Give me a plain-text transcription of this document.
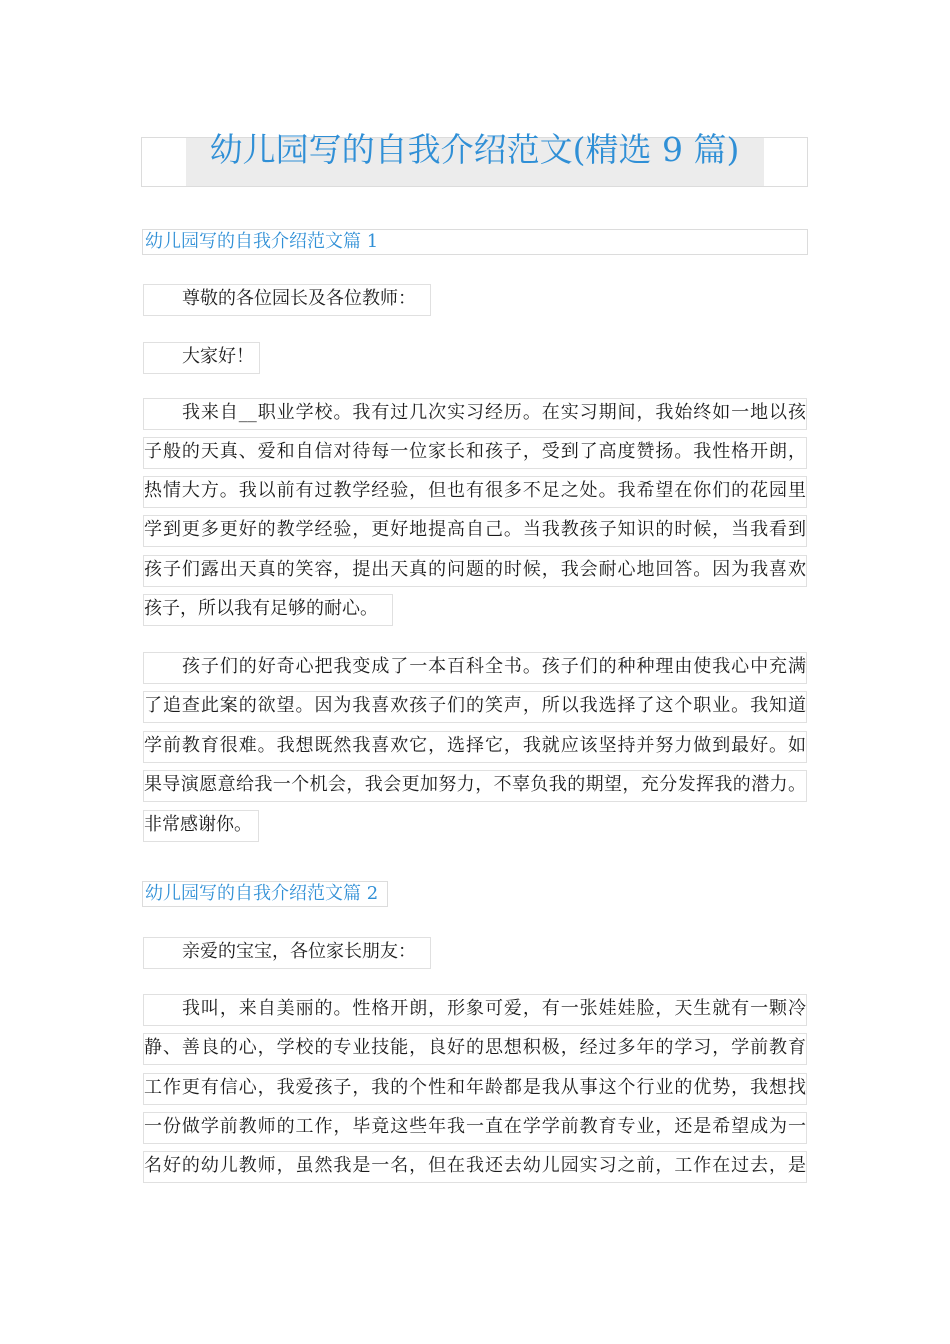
幼儿园写的自我介绍范文(精选 9 篇)
幼儿园写的自我介绍范文篇 1
尊敬的各位园长及各位教师：
大家好！
我来自__职业学校。我有过几次实习经历。在实习期间，我始终如一地以孩
子般的天真、爱和自信对待每一位家长和孩子，受到了高度赞扬。我性格开朗，
热情大方。我以前有过教学经验，但也有很多不足之处。我希望在你们的花园里
学到更多更好的教学经验，更好地提高自己。当我教孩子知识的时候，当我看到
孩子们露出天真的笑容，提出天真的问题的时候，我会耐心地回答。因为我喜欢
孩子，所以我有足够的耐心。
孩子们的好奇心把我变成了一本百科全书。孩子们的种种理由使我心中充满
了追查此案的欲望。因为我喜欢孩子们的笑声，所以我选择了这个职业。我知道
学前教育很难。我想既然我喜欢它，选择它，我就应该坚持并努力做到最好。如
果导演愿意给我一个机会，我会更加努力，不辜负我的期望，充分发挥我的潜力。
非常感谢你。
幼儿园写的自我介绍范文篇 2
亲爱的宝宝，各位家长朋友：
我叫，来自美丽的。性格开朗，形象可爱，有一张娃娃脸，天生就有一颗冷
静、善良的心，学校的专业技能，良好的思想积极，经过多年的学习，学前教育
工作更有信心，我爱孩子，我的个性和年龄都是我从事这个行业的优势，我想找
一份做学前教师的工作，毕竟这些年我一直在学学前教育专业，还是希望成为一
名好的幼儿教师，虽然我是一名，但在我还去幼儿园实习之前，工作在过去，是
